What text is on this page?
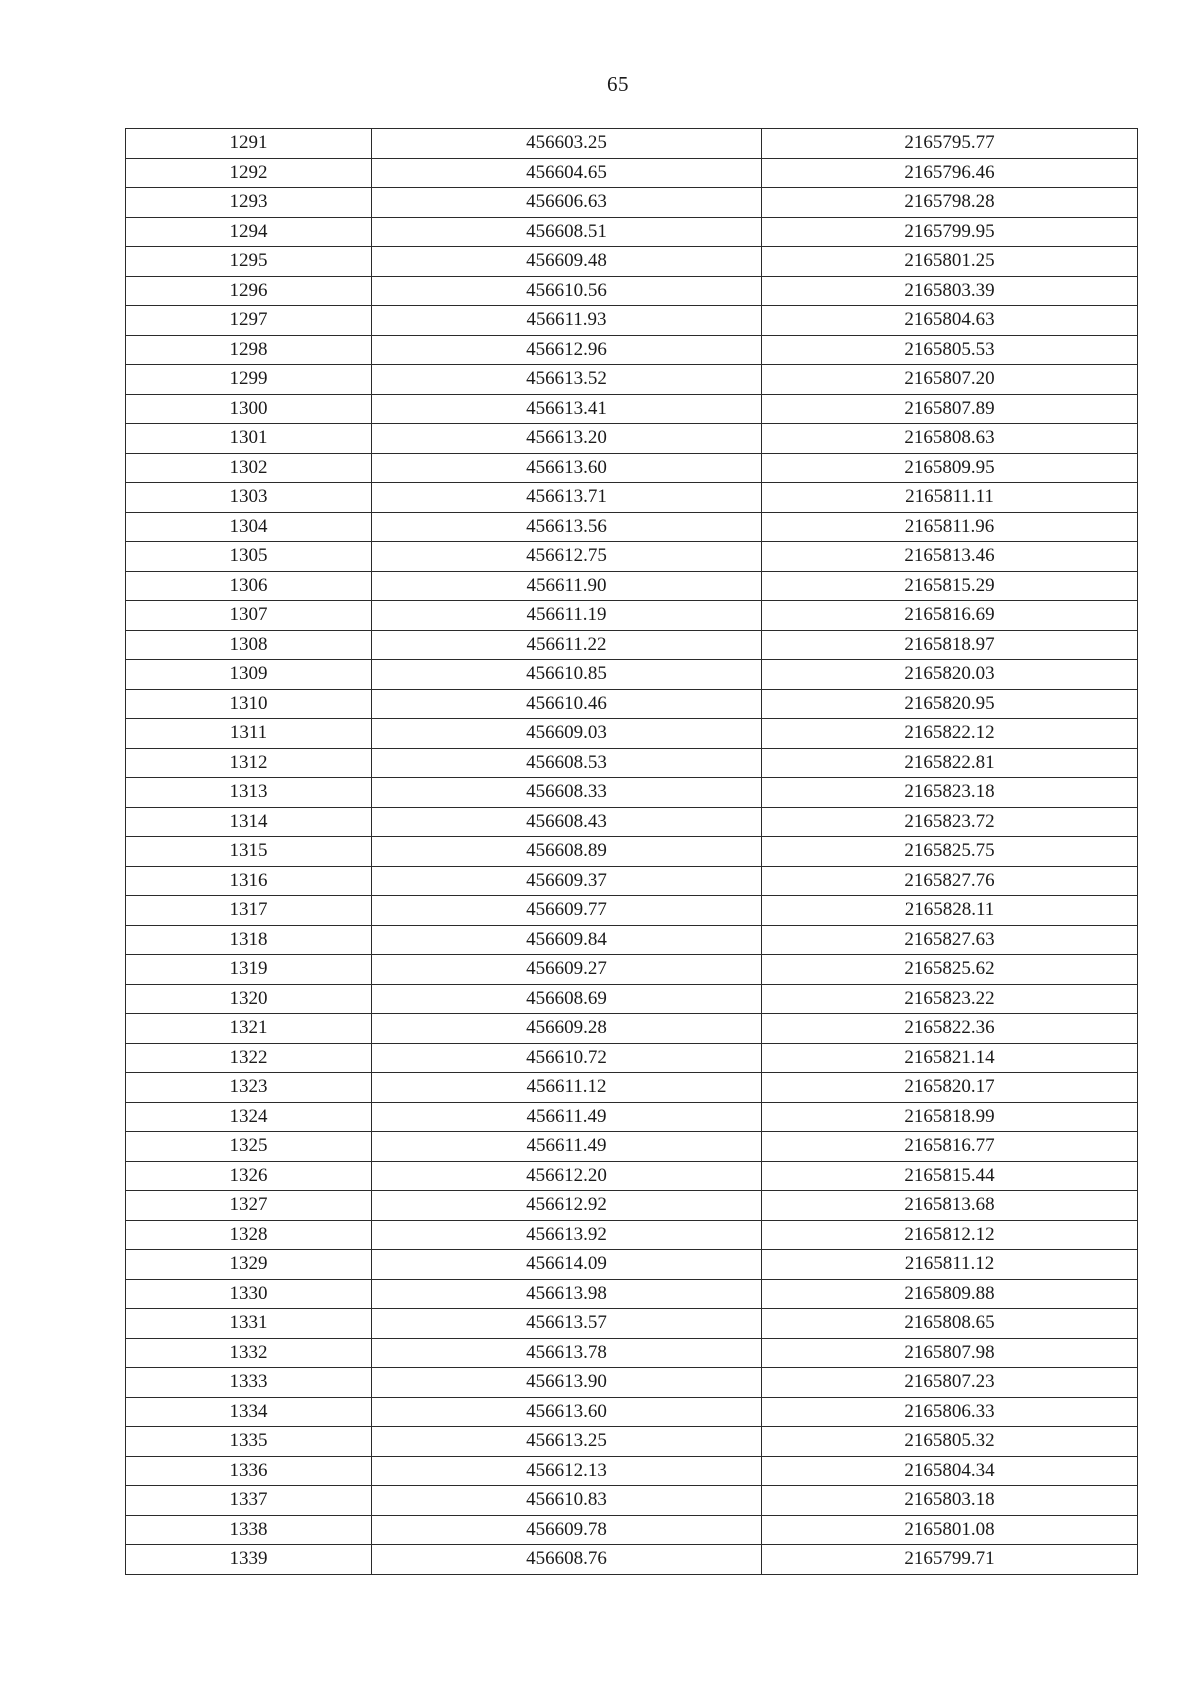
65
1291	456603.25	2165795.77
1292	456604.65	2165796.46
1293	456606.63	2165798.28
1294	456608.51	2165799.95
1295	456609.48	2165801.25
1296	456610.56	2165803.39
1297	456611.93	2165804.63
1298	456612.96	2165805.53
1299	456613.52	2165807.20
1300	456613.41	2165807.89
1301	456613.20	2165808.63
1302	456613.60	2165809.95
1303	456613.71	2165811.11
1304	456613.56	2165811.96
1305	456612.75	2165813.46
1306	456611.90	2165815.29
1307	456611.19	2165816.69
1308	456611.22	2165818.97
1309	456610.85	2165820.03
1310	456610.46	2165820.95
1311	456609.03	2165822.12
1312	456608.53	2165822.81
1313	456608.33	2165823.18
1314	456608.43	2165823.72
1315	456608.89	2165825.75
1316	456609.37	2165827.76
1317	456609.77	2165828.11
1318	456609.84	2165827.63
1319	456609.27	2165825.62
1320	456608.69	2165823.22
1321	456609.28	2165822.36
1322	456610.72	2165821.14
1323	456611.12	2165820.17
1324	456611.49	2165818.99
1325	456611.49	2165816.77
1326	456612.20	2165815.44
1327	456612.92	2165813.68
1328	456613.92	2165812.12
1329	456614.09	2165811.12
1330	456613.98	2165809.88
1331	456613.57	2165808.65
1332	456613.78	2165807.98
1333	456613.90	2165807.23
1334	456613.60	2165806.33
1335	456613.25	2165805.32
1336	456612.13	2165804.34
1337	456610.83	2165803.18
1338	456609.78	2165801.08
1339	456608.76	2165799.71
